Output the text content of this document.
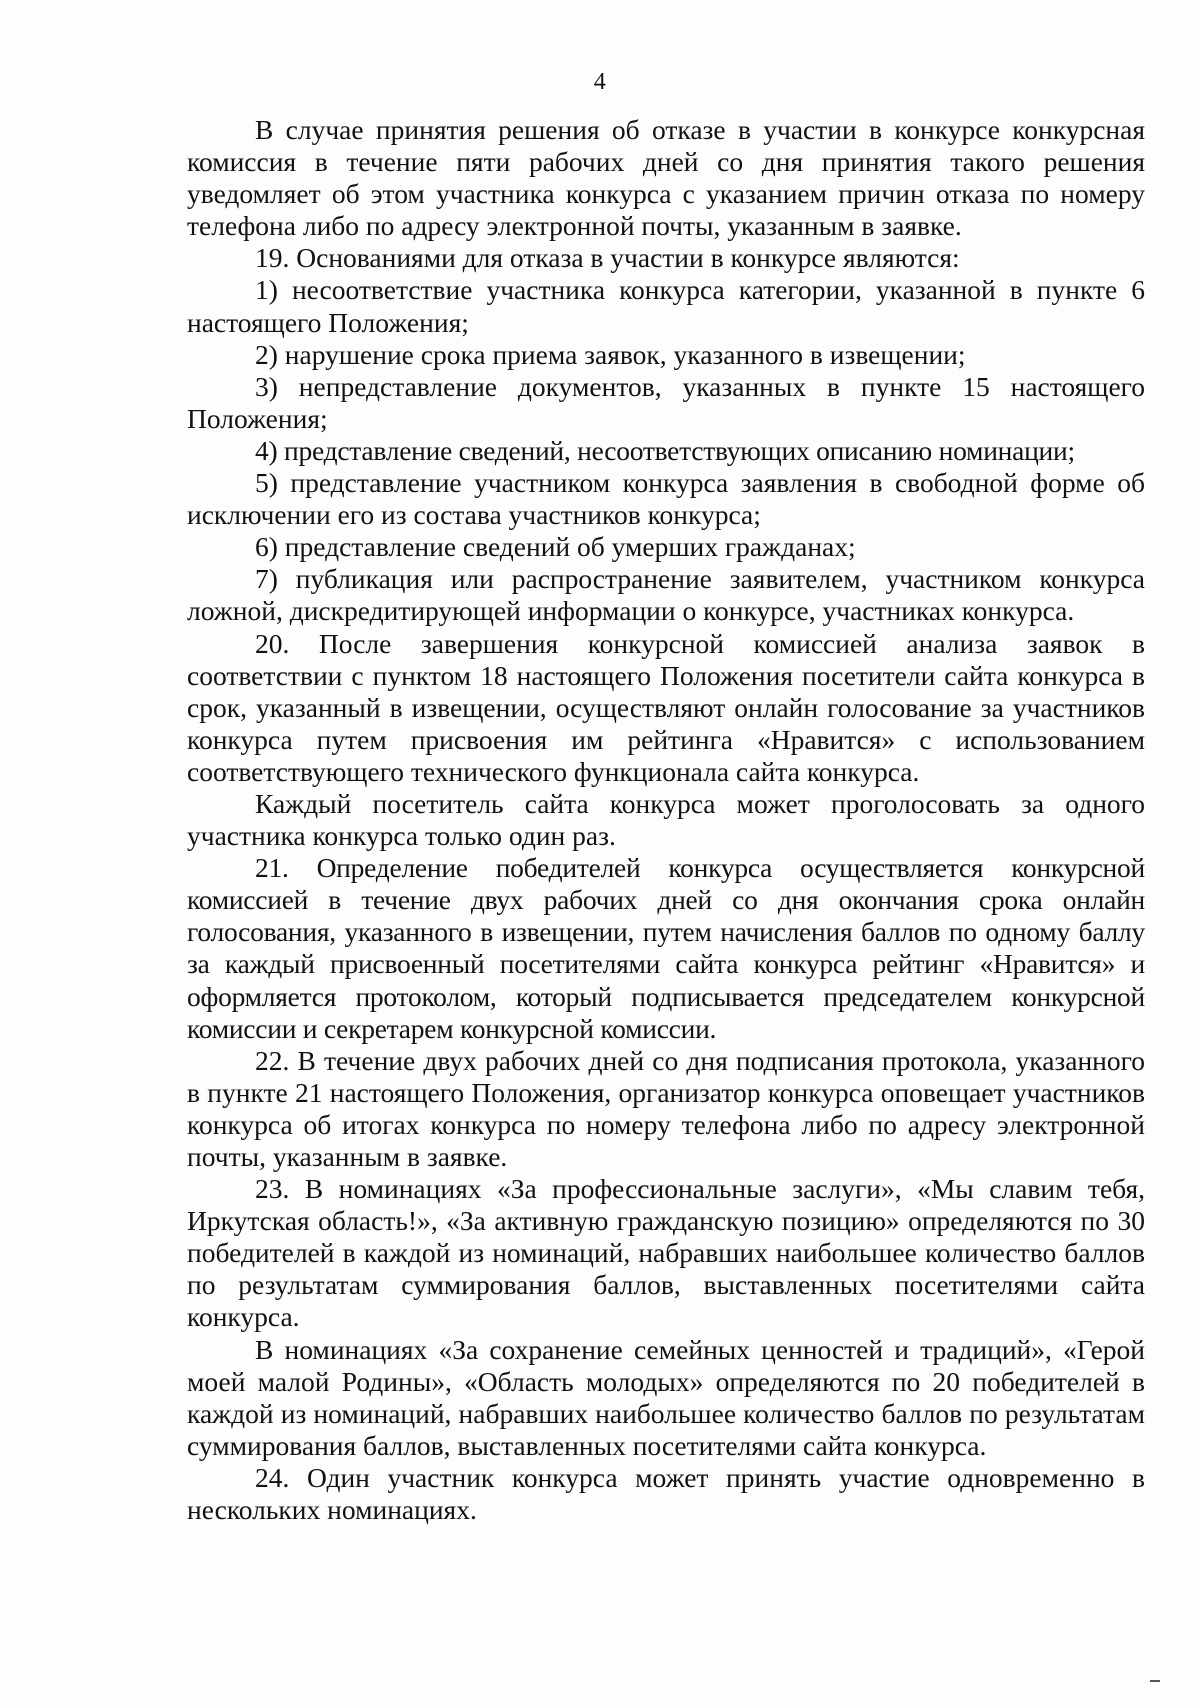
4

В случае принятия решения об отказе в участии в конкурсе конкурсная комиссия в течение пяти рабочих дней со дня принятия такого решения уведомляет об этом участника конкурса с указанием причин отказа по номеру телефона либо по адресу электронной почты, указанным в заявке.

19. Основаниями для отказа в участии в конкурсе являются:

1) несоответствие участника конкурса категории, указанной в пункте 6 настоящего Положения;

2) нарушение срока приема заявок, указанного в извещении;

3) непредставление документов, указанных в пункте 15 настоящего Положения;

4) представление сведений, несоответствующих описанию номинации;

5) представление участником конкурса заявления в свободной форме об исключении его из состава участников конкурса;

6) представление сведений об умерших гражданах;

7) публикация или распространение заявителем, участником конкурса ложной, дискредитирующей информации о конкурсе, участниках конкурса.

20. После завершения конкурсной комиссией анализа заявок в соответствии с пунктом 18 настоящего Положения посетители сайта конкурса в срок, указанный в извещении, осуществляют онлайн голосование за участников конкурса путем присвоения им рейтинга «Нравится» с использованием соответствующего технического функционала сайта конкурса.

Каждый посетитель сайта конкурса может проголосовать за одного участника конкурса только один раз.

21. Определение победителей конкурса осуществляется конкурсной комиссией в течение двух рабочих дней со дня окончания срока онлайн голосования, указанного в извещении, путем начисления баллов по одному баллу за каждый присвоенный посетителями сайта конкурса рейтинг «Нравится» и оформляется протоколом, который подписывается председателем конкурсной комиссии и секретарем конкурсной комиссии.

22. В течение двух рабочих дней со дня подписания протокола, указанного в пункте 21 настоящего Положения, организатор конкурса оповещает участников конкурса об итогах конкурса по номеру телефона либо по адресу электронной почты, указанным в заявке.

23. В номинациях «За профессиональные заслуги», «Мы славим тебя, Иркутская область!», «За активную гражданскую позицию» определяются по 30 победителей в каждой из номинаций, набравших наибольшее количество баллов по результатам суммирования баллов, выставленных посетителями сайта конкурса.

В номинациях «За сохранение семейных ценностей и традиций», «Герой моей малой Родины», «Область молодых» определяются по 20 победителей в каждой из номинаций, набравших наибольшее количество баллов по результатам суммирования баллов, выставленных посетителями сайта конкурса.

24. Один участник конкурса может принять участие одновременно в нескольких номинациях.
